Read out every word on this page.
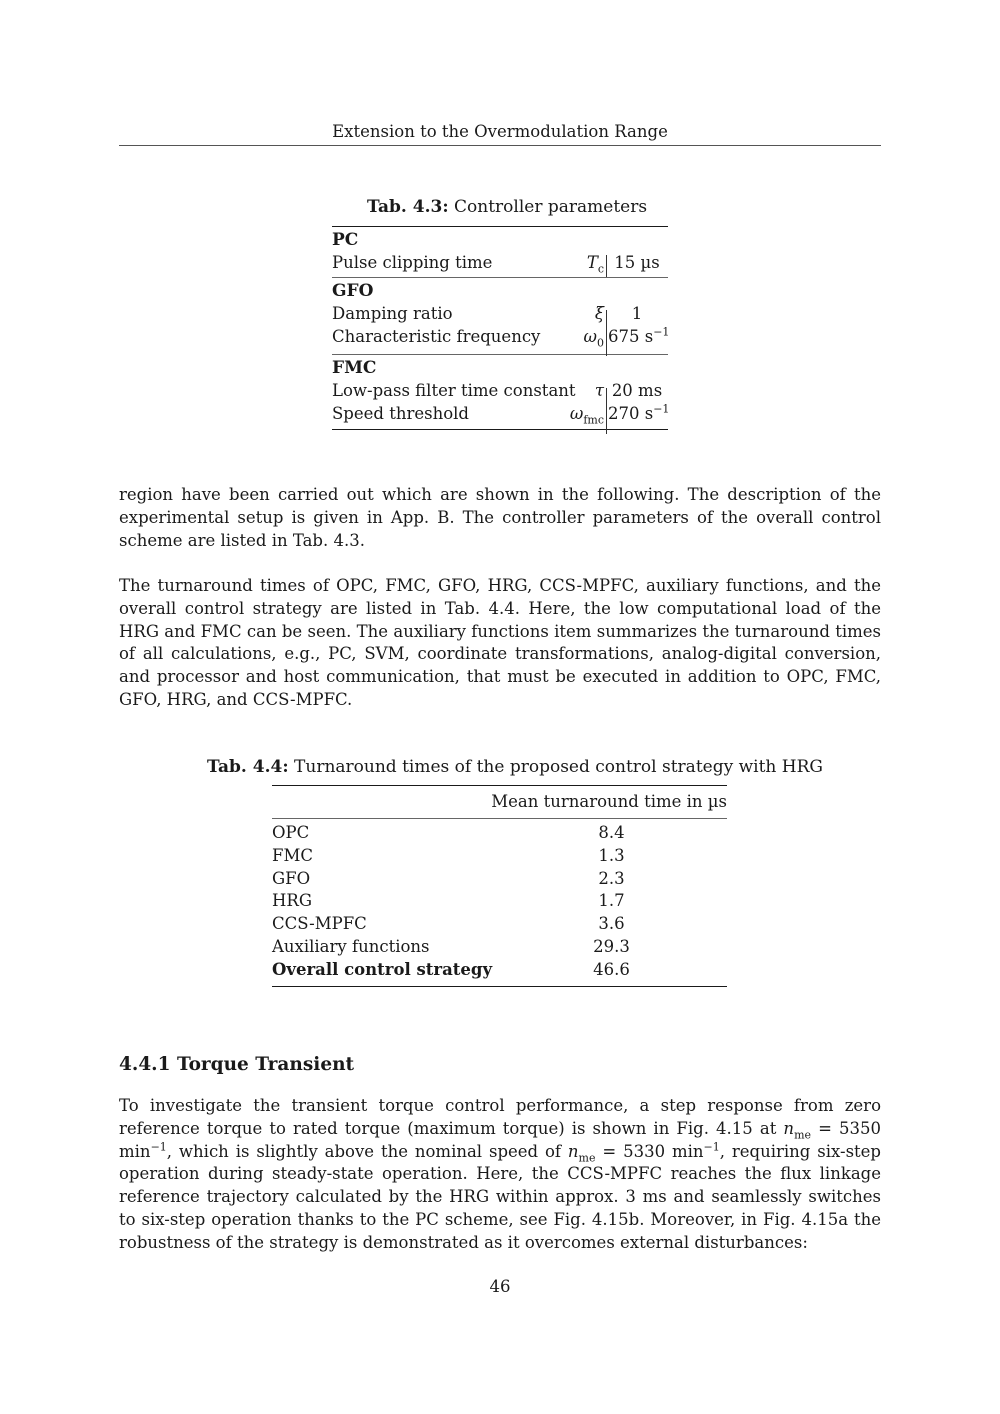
Extension to the Overmodulation Range
Tab. 4.3: Controller parameters
PC
Pulse clipping time	$T_c$ 15 µs
GFO
Damping ratio	ξ	1
Characteristic frequency	$\omega_0$ 675 $s^{-1}$
FMC
Low-pass filter time constant τ 20 ms
Speed threshold	$\omega_{fmc}$ 270 $s^{-1}$
region have been carried out which are shown in the following. The description of the experimental setup is given in App. B. The controller parameters of the overall control scheme are listed in Tab. 4.3.
The turnaround times of OPC, FMC, GFO, HRG, CCS-MPFC, auxiliary functions, and the overall control strategy are listed in Tab. 4.4. Here, the low computational load of the HRG and FMC can be seen. The auxiliary functions item summarizes the turnaround times of all calculations, e.g., PC, SVM, coordinate transformations, analog-digital conversion, and processor and host communication, that must be executed in addition to OPC, FMC, GFO, HRG, and CCS-MPFC.
Tab. 4.4: Turnaround times of the proposed control strategy with HRG
Mean turnaround time in µs
OPC	8.4
FMC	1.3
GFO	2.3
HRG	1.7
CCS-MPFC	3.6
Auxiliary functions	29.3
Overall control strategy	46.6
4.4.1 Torque Transient
To investigate the transient torque control performance, a step response from zero reference torque to rated torque (maximum torque) is shown in Fig. 4.15 at $n_{me} = 5350$ $\min^{-1}$, which is slightly above the nominal speed of $n_{me} = 5330$ $\min^{-1}$, requiring six-step operation during steady-state operation. Here, the CCS-MPFC reaches the flux linkage reference trajectory calculated by the HRG within approx. 3 ms and seamlessly switches to six-step operation thanks to the PC scheme, see Fig. 4.15b. Moreover, in Fig. 4.15a the robustness of the strategy is demonstrated as it overcomes external disturbances:
46
